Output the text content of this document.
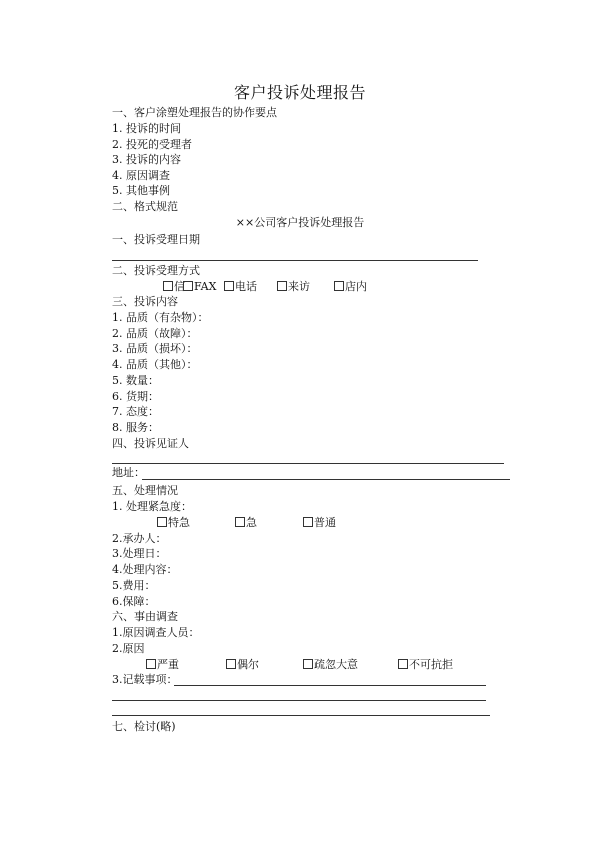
客户投诉处理报告
一、客户涂塑处理报告的协作要点
1. 投诉的时间
2. 投死的受理者
3. 投诉的内容
4. 原因调查
5. 其他事例
二、格式规范
××公司客户投诉处理报告
一、投诉受理日期
二、投诉受理方式
信 FAX	电话	来访	店内
三、投诉内容
1. 品质（有杂物）：
2. 品质（故障）：
3. 品质（损坏）：
4. 品质（其他）：
5. 数量：
6. 货期：
7. 态度：
8. 服务：
四、投诉见证人
地址：
五、处理情况
1. 处理紧急度：
特急	急	普通
2.承办人：
3.处理日：
4.处理内容：
5.费用：
6.保障：
六、事由调查
1.原因调查人员：
2.原因
严重	偶尔	疏忽大意	不可抗拒
3.记载事项：
七、检讨(略)
